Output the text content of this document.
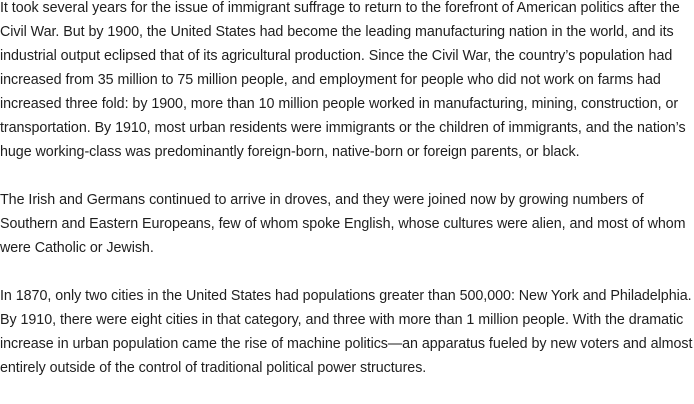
It took several years for the issue of immigrant suffrage to return to the forefront of American politics after the
Civil War. But by 1900, the United States had become the leading manufacturing nation in the world, and its
industrial output eclipsed that of its agricultural production. Since the Civil War, the country’s population had
increased from 35 million to 75 million people, and employment for people who did not work on farms had
increased three fold: by 1900, more than 10 million people worked in manufacturing, mining, construction, or
transportation. By 1910, most urban residents were immigrants or the children of immigrants, and the nation’s
huge working-class was predominantly foreign-born, native-born or foreign parents, or black.

The Irish and Germans continued to arrive in droves, and they were joined now by growing numbers of
Southern and Eastern Europeans, few of whom spoke English, whose cultures were alien, and most of whom
were Catholic or Jewish.

In 1870, only two cities in the United States had populations greater than 500,000: New York and Philadelphia.
By 1910, there were eight cities in that category, and three with more than 1 million people. With the dramatic
increase in urban population came the rise of machine politics—an apparatus fueled by new voters and almost
entirely outside of the control of traditional political power structures.
